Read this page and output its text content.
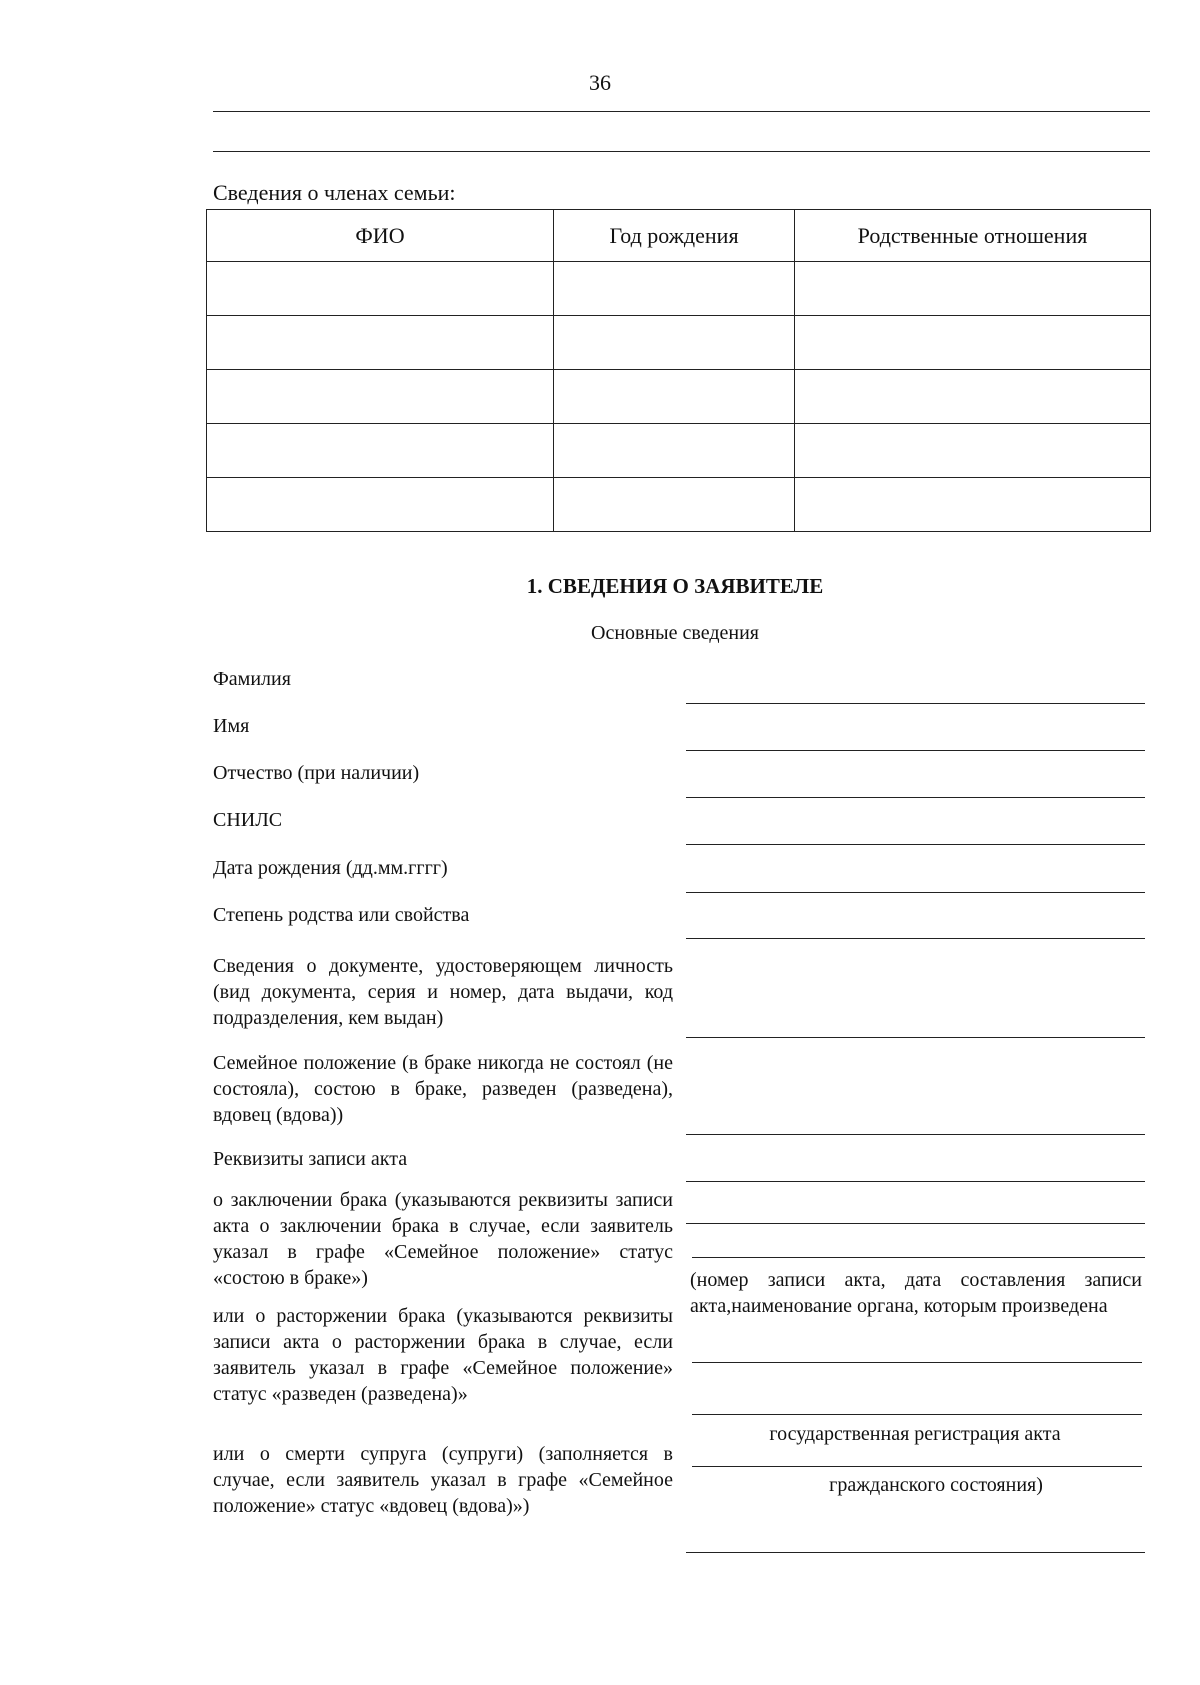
36
Сведения о членах семьи:
ФИО	Год рождения	Родственные отношения

1. СВЕДЕНИЯ О ЗАЯВИТЕЛЕ
Основные сведения
Фамилия
Имя
Отчество (при наличии)
СНИЛС
Дата рождения (дд.мм.гггг)
Степень родства или свойства
Сведения о документе, удостоверяющем личность (вид документа, серия и номер, дата выдачи, код подразделения, кем выдан)
Семейное положение (в браке никогда не состоял (не состояла), состою в браке, разведен (разведена), вдовец (вдова))
Реквизиты записи акта
о заключении брака (указываются реквизиты записи акта о заключении брака в случае, если заявитель указал в графе «Семейное положение» статус «состою в браке»)	(номер записи акта, дата составления записи акта,наименование органа, которым произведена
или о расторжении брака (указываются реквизиты записи акта о расторжении брака в случае, если заявитель указал в графе «Семейное положение» статус «разведен (разведена)»
государственная регистрация акта
или о смерти супруга (супруги) (заполняется в случае, если заявитель указал в графе «Семейное положение» статус «вдовец (вдова)»)
гражданского состояния)
